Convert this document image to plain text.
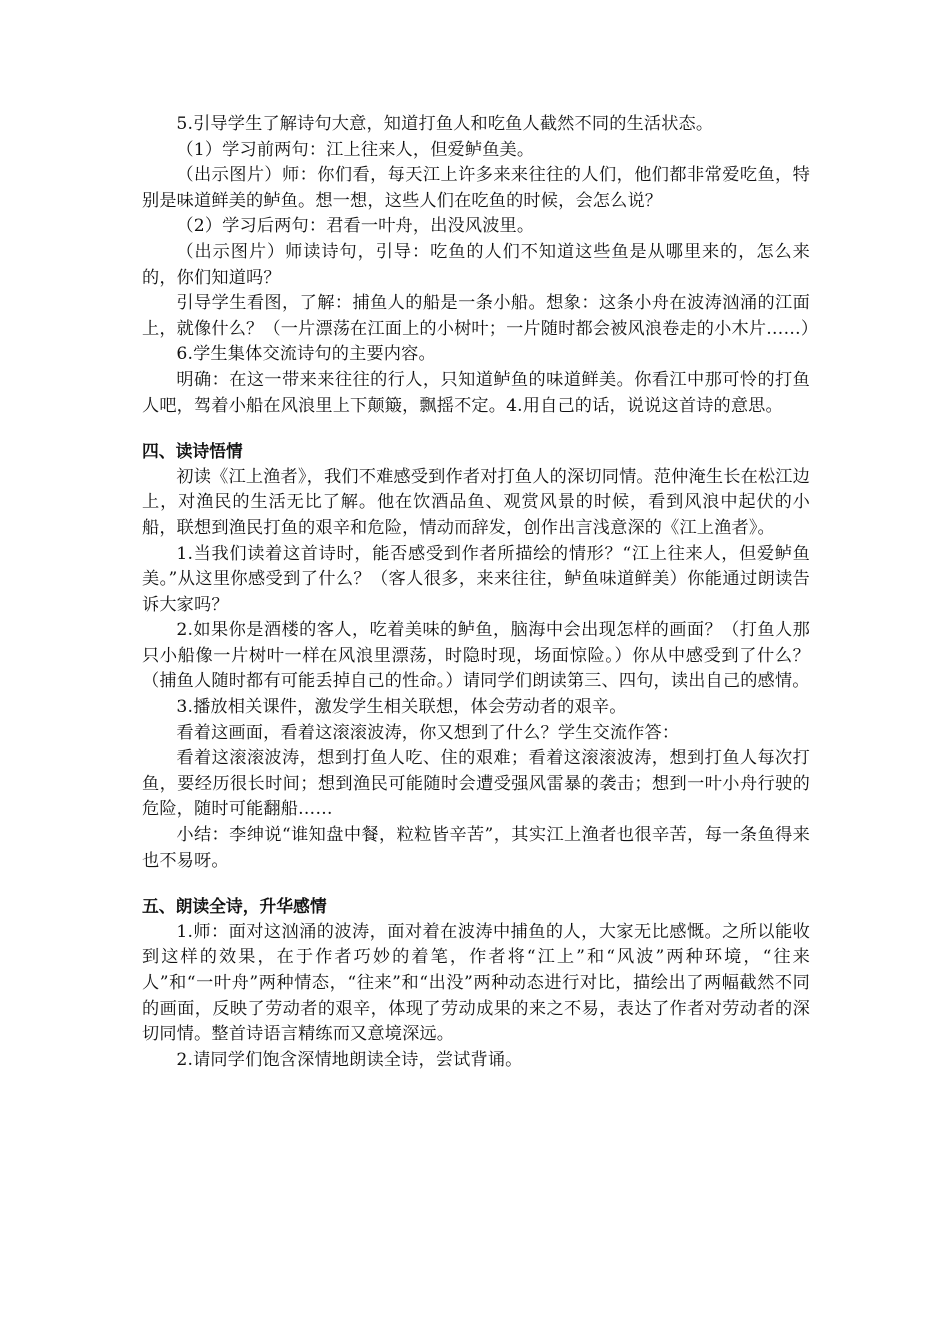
5.引导学生了解诗句大意，知道打鱼人和吃鱼人截然不同的生活状态。

（1）学习前两句：江上往来人，但爱鲈鱼美。

（出示图片）师：你们看，每天江上许多来来往往的人们，他们都非常爱吃鱼，特别是味道鲜美的鲈鱼。想一想，这些人们在吃鱼的时候，会怎么说？

（2）学习后两句：君看一叶舟，出没风波里。

（出示图片）师读诗句，引导：吃鱼的人们不知道这些鱼是从哪里来的，怎么来的，你们知道吗？

引导学生看图，了解：捕鱼人的船是一条小船。想象：这条小舟在波涛汹涌的江面上，就像什么？（一片漂荡在江面上的小树叶；一片随时都会被风浪卷走的小木片……）

6.学生集体交流诗句的主要内容。

明确：在这一带来来往往的行人，只知道鲈鱼的味道鲜美。你看江中那可怜的打鱼人吧，驾着小船在风浪里上下颠簸，飘摇不定。4.用自己的话，说说这首诗的意思。

四、读诗悟情

初读《江上渔者》，我们不难感受到作者对打鱼人的深切同情。范仲淹生长在松江边上，对渔民的生活无比了解。他在饮酒品鱼、观赏风景的时候，看到风浪中起伏的小船，联想到渔民打鱼的艰辛和危险，情动而辞发，创作出言浅意深的《江上渔者》。

1.当我们读着这首诗时，能否感受到作者所描绘的情形？“江上往来人，但爱鲈鱼美。”从这里你感受到了什么？（客人很多，来来往往，鲈鱼味道鲜美）你能通过朗读告诉大家吗？

2.如果你是酒楼的客人，吃着美味的鲈鱼，脑海中会出现怎样的画面？（打鱼人那只小船像一片树叶一样在风浪里漂荡，时隐时现，场面惊险。）你从中感受到了什么？（捕鱼人随时都有可能丢掉自己的性命。）请同学们朗读第三、四句，读出自己的感情。

3.播放相关课件，激发学生相关联想，体会劳动者的艰辛。

看着这画面，看着这滚滚波涛，你又想到了什么？学生交流作答：

看着这滚滚波涛，想到打鱼人吃、住的艰难；看着这滚滚波涛，想到打鱼人每次打鱼，要经历很长时间；想到渔民可能随时会遭受强风雷暴的袭击；想到一叶小舟行驶的危险，随时可能翻船……

小结：李绅说“谁知盘中餐，粒粒皆辛苦”，其实江上渔者也很辛苦，每一条鱼得来也不易呀。

五、朗读全诗，升华感情

1.师：面对这汹涌的波涛，面对着在波涛中捕鱼的人，大家无比感慨。之所以能收到这样的效果，在于作者巧妙的着笔，作者将“江上”和“风波”两种环境，“往来人”和“一叶舟”两种情态，“往来”和“出没”两种动态进行对比，描绘出了两幅截然不同的画面，反映了劳动者的艰辛，体现了劳动成果的来之不易，表达了作者对劳动者的深切同情。整首诗语言精练而又意境深远。

2.请同学们饱含深情地朗读全诗，尝试背诵。
